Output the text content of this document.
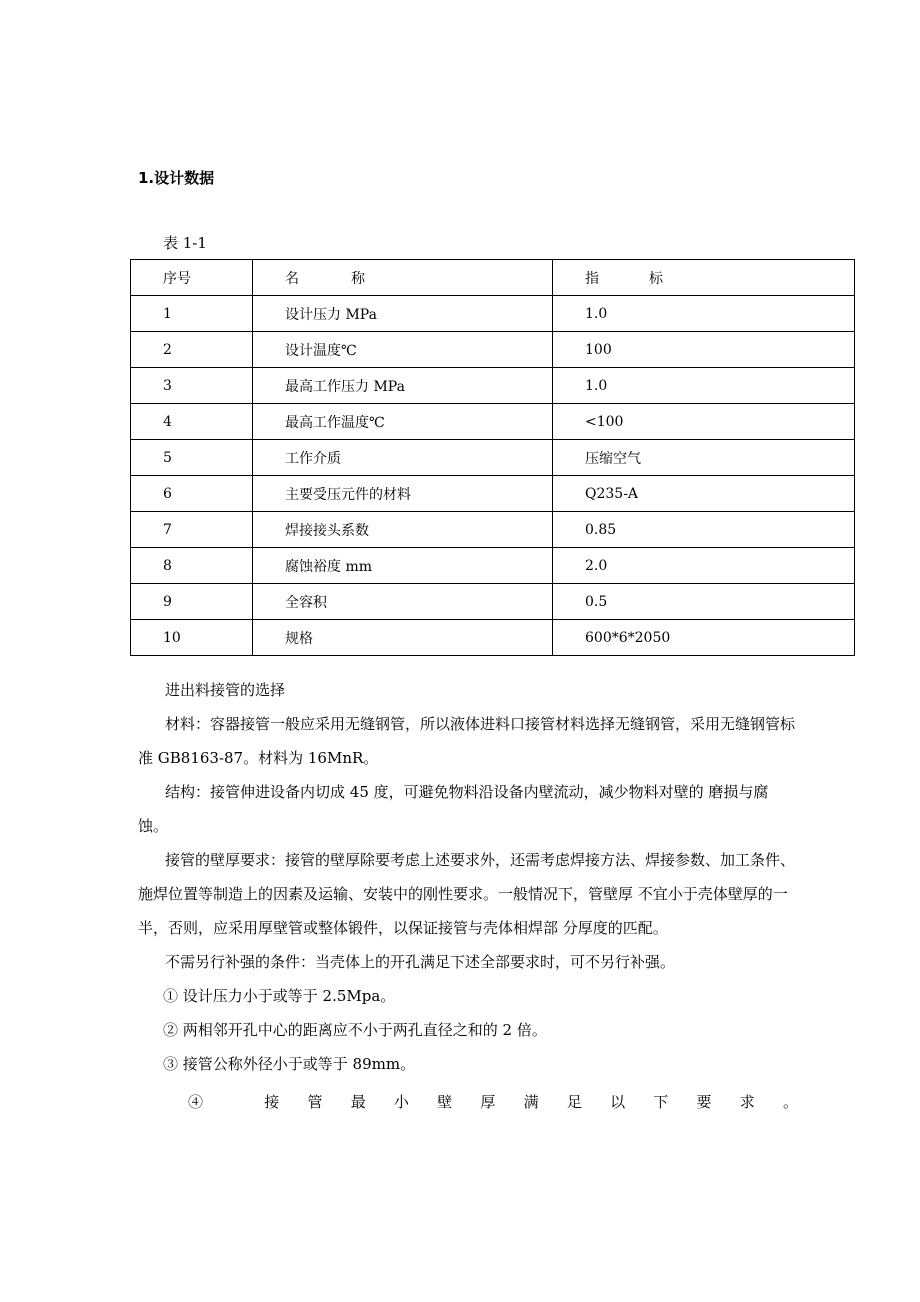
1.设计数据
表 1-1
序号	名称	指标
1	设计压力 MPa	1.0
2	设计温度℃	100
3	最高工作压力 MPa	1.0
4	最高工作温度℃	<100
5	工作介质	压缩空气
6	主要受压元件的材料	Q235-A
7	焊接接头系数	0.85
8	腐蚀裕度 mm	2.0
9	全容积	0.5
10	规格	600*6*2050

进出料接管的选择

材料：容器接管一般应采用无缝钢管，所以液体进料口接管材料选择无缝钢管，采用无缝钢管标准 GB8163-87。材料为 16MnR。

结构：接管伸进设备内切成 45 度，可避免物料沿设备内壁流动，减少物料对壁的 磨损与腐蚀。

接管的壁厚要求：接管的壁厚除要考虑上述要求外，还需考虑焊接方法、焊接参数、加工条件、施焊位置等制造上的因素及运输、安装中的刚性要求。一般情况下，管壁厚 不宜小于壳体壁厚的一半，否则，应采用厚壁管或整体锻件，以保证接管与壳体相焊部 分厚度的匹配。

不需另行补强的条件：当壳体上的开孔满足下述全部要求时，可不另行补强。

① 设计压力小于或等于 2.5Mpa。

② 两相邻开孔中心的距离应不小于两孔直径之和的 2 倍。

③ 接管公称外径小于或等于 89mm。

④ 接管最小壁厚满足以下要求。
